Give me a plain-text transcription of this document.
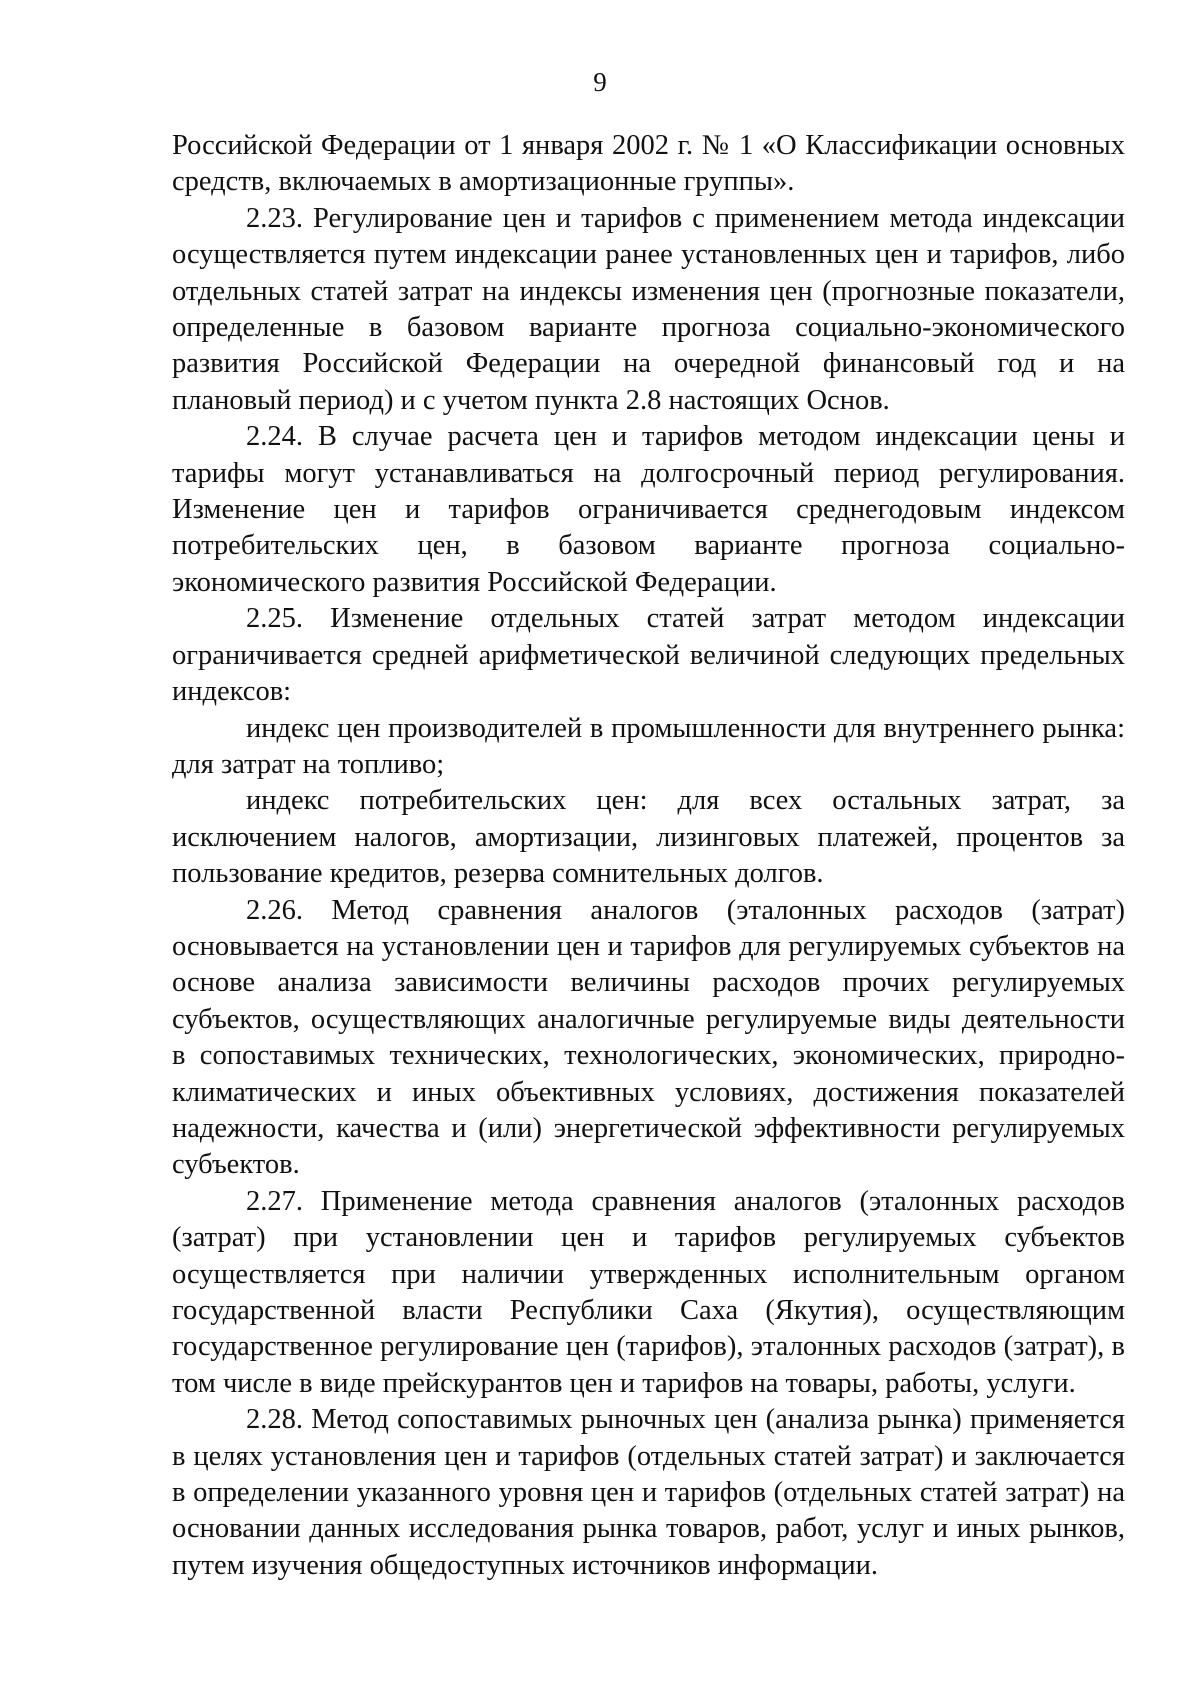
9

Российской Федерации от 1 января 2002 г. № 1 «О Классификации основных средств, включаемых в амортизационные группы».

2.23. Регулирование цен и тарифов с применением метода индексации осуществляется путем индексации ранее установленных цен и тарифов, либо отдельных статей затрат на индексы изменения цен (прогнозные показатели, определенные в базовом варианте прогноза социально-экономического развития Российской Федерации на очередной финансовый год и на плановый период) и с учетом пункта 2.8 настоящих Основ.

2.24. В случае расчета цен и тарифов методом индексации цены и тарифы могут устанавливаться на долгосрочный период регулирования. Изменение цен и тарифов ограничивается среднегодовым индексом потребительских цен, в базовом варианте прогноза социально-экономического развития Российской Федерации.

2.25. Изменение отдельных статей затрат методом индексации ограничивается средней арифметической величиной следующих предельных индексов:

индекс цен производителей в промышленности для внутреннего рынка: для затрат на топливо;

индекс потребительских цен: для всех остальных затрат, за исключением налогов, амортизации, лизинговых платежей, процентов за пользование кредитов, резерва сомнительных долгов.

2.26. Метод сравнения аналогов (эталонных расходов (затрат) основывается на установлении цен и тарифов для регулируемых субъектов на основе анализа зависимости величины расходов прочих регулируемых субъектов, осуществляющих аналогичные регулируемые виды деятельности в сопоставимых технических, технологических, экономических, природно-климатических и иных объективных условиях, достижения показателей надежности, качества и (или) энергетической эффективности регулируемых субъектов.

2.27. Применение метода сравнения аналогов (эталонных расходов (затрат) при установлении цен и тарифов регулируемых субъектов осуществляется при наличии утвержденных исполнительным органом государственной власти Республики Саха (Якутия), осуществляющим государственное регулирование цен (тарифов), эталонных расходов (затрат), в том числе в виде прейскурантов цен и тарифов на товары, работы, услуги.

2.28. Метод сопоставимых рыночных цен (анализа рынка) применяется в целях установления цен и тарифов (отдельных статей затрат) и заключается в определении указанного уровня цен и тарифов (отдельных статей затрат) на основании данных исследования рынка товаров, работ, услуг и иных рынков, путем изучения общедоступных источников информации.
